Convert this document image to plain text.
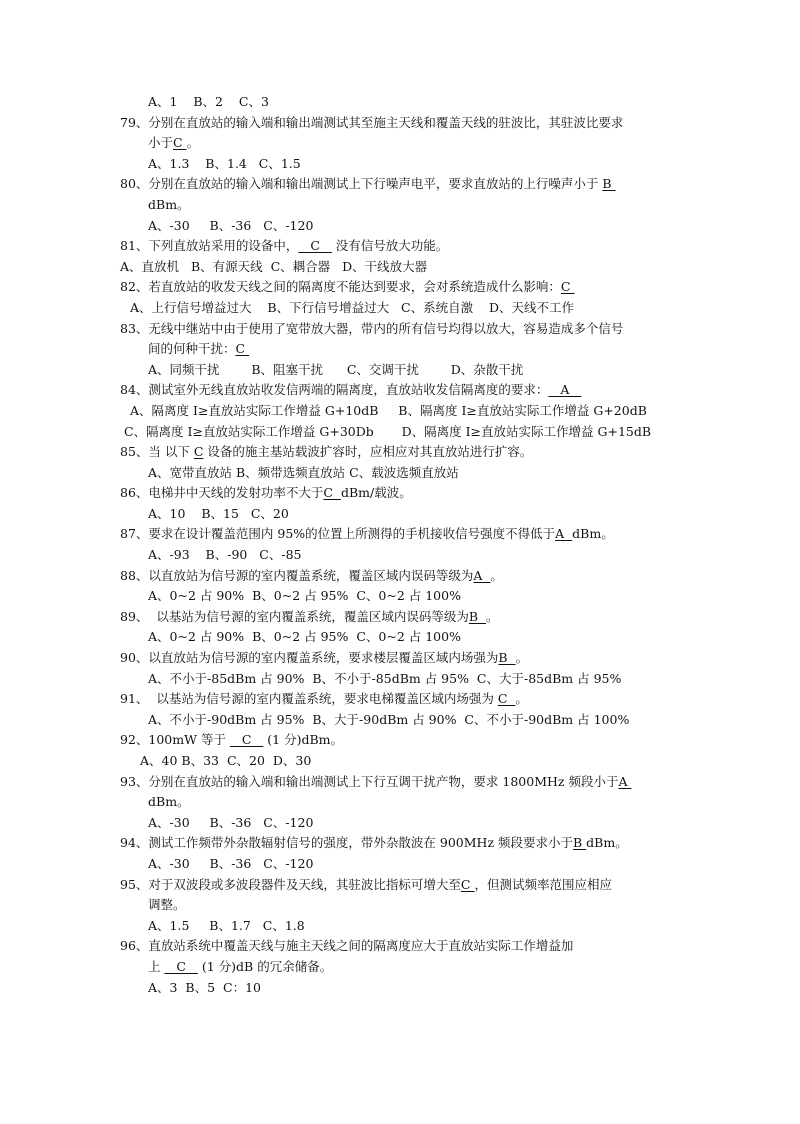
A、1    B、2    C、3
79、分别在直放站的输入端和输出端测试其至施主天线和覆盖天线的驻波比，其驻波比要求
小于C 。
A、1.3    B、1.4   C、1.5
80、分别在直放站的输入端和输出端测试上下行噪声电平，要求直放站的上行噪声小于 B
dBm。
A、-30     B、-36   C、-120
81、下列直放站采用的设备中，   C    没有信号放大功能。
A、直放机   B、有源天线  C、耦合器   D、干线放大器
82、若直放站的收发天线之间的隔离度不能达到要求，会对系统造成什么影响：C
A、上行信号增益过大    B、下行信号增益过大   C、系统自激    D、天线不工作
83、无线中继站中由于使用了宽带放大器，带内的所有信号均得以放大，容易造成多个信号
间的何种干扰：C
A、同频干扰        B、阻塞干扰      C、交调干扰        D、杂散干扰
84、测试室外无线直放站收发信两端的隔离度，直放站收发信隔离度的要求：   A
A、隔离度 I≥直放站实际工作增益 G+10dB     B、隔离度 I≥直放站实际工作增益 G+20dB
C、隔离度 I≥直放站实际工作增益 G+30Db       D、隔离度 I≥直放站实际工作增益 G+15dB
85、当 以下 C 设备的施主基站载波扩容时，应相应对其直放站进行扩容。
A、宽带直放站 B、频带选频直放站 C、载波选频直放站
86、电梯井中天线的发射功率不大于C  dBm/载波。
A、10    B、15   C、20
87、要求在设计覆盖范围内 95%的位置上所测得的手机接收信号强度不得低于A  dBm。
A、-93    B、-90   C、-85
88、以直放站为信号源的室内覆盖系统，覆盖区域内误码等级为A  。
A、0~2 占 90%  B、0~2 占 95%  C、0~2 占 100%
89、  以基站为信号源的室内覆盖系统，覆盖区域内误码等级为B  。
A、0~2 占 90%  B、0~2 占 95%  C、0~2 占 100%
90、以直放站为信号源的室内覆盖系统，要求楼层覆盖区域内场强为B  。
A、不小于-85dBm 占 90%  B、不小于-85dBm 占 95%  C、大于-85dBm 占 95%
91、  以基站为信号源的室内覆盖系统，要求电梯覆盖区域内场强为 C  。
A、不小于-90dBm 占 95%  B、大于-90dBm 占 90%  C、不小于-90dBm 占 100%
92、100mW 等于    C    (1 分)dBm。
A、40 B、33  C、20  D、30
93、分别在直放站的输入端和输出端测试上下行互调干扰产物，要求 1800MHz 频段小于A
dBm。
A、-30     B、-36   C、-120
94、测试工作频带外杂散辐射信号的强度，带外杂散波在 900MHz 频段要求小于B dBm。
A、-30     B、-36   C、-120
95、对于双波段或多波段器件及天线，其驻波比指标可增大至C ，但测试频率范围应相应
调整。
A、1.5     B、1.7   C、1.8
96、直放站系统中覆盖天线与施主天线之间的隔离度应大于直放站实际工作增益加
上    C    (1 分)dB 的冗余储备。
A、3  B、5  C：10
